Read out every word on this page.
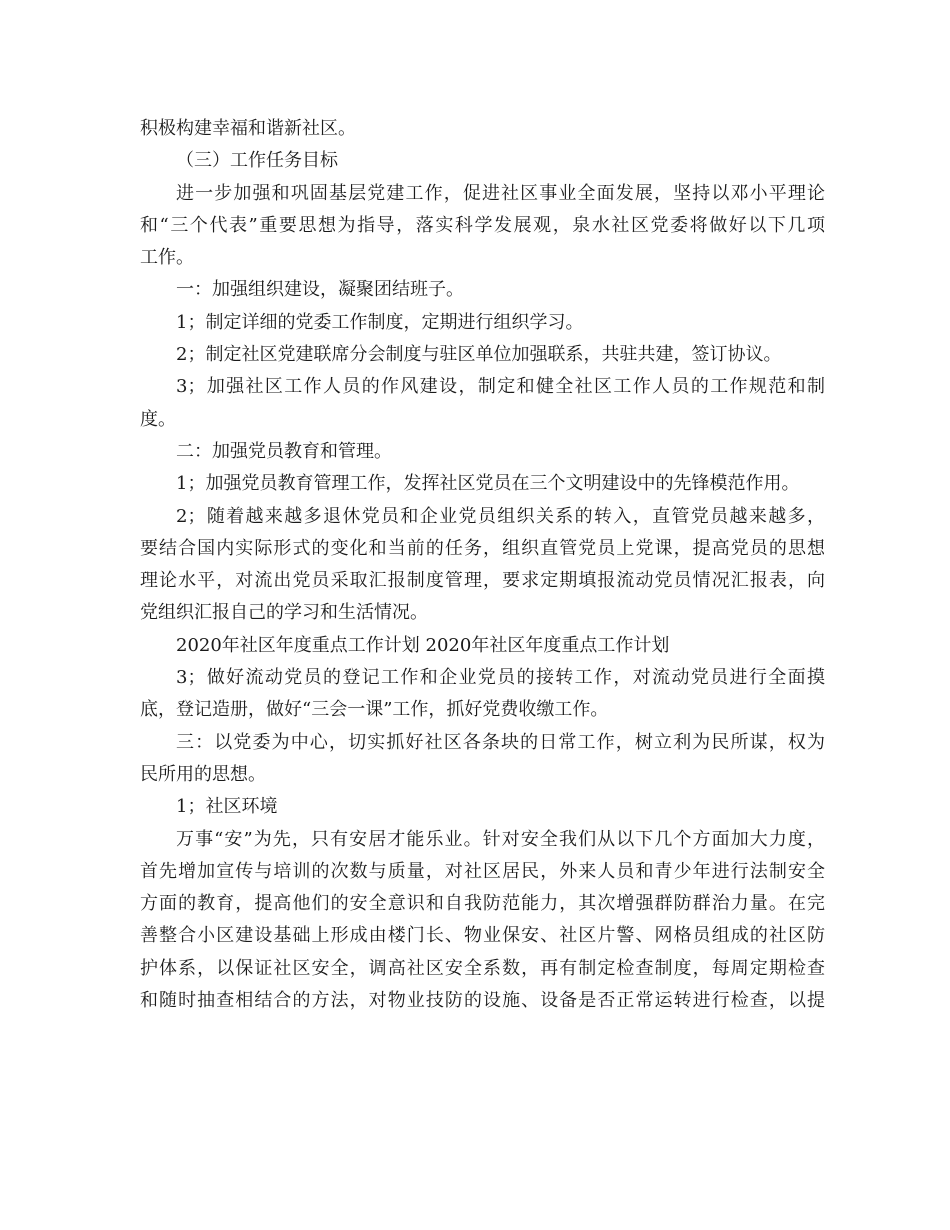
积极构建幸福和谐新社区。
（三）工作任务目标
进一步加强和巩固基层党建工作，促进社区事业全面发展，坚持以邓小平理论
和“三个代表”重要思想为指导，落实科学发展观，泉水社区党委将做好以下几项
工作。
一：加强组织建设，凝聚团结班子。
1；制定详细的党委工作制度，定期进行组织学习。
2；制定社区党建联席分会制度与驻区单位加强联系，共驻共建，签订协议。
3；加强社区工作人员的作风建设，制定和健全社区工作人员的工作规范和制
度。
二：加强党员教育和管理。
1；加强党员教育管理工作，发挥社区党员在三个文明建设中的先锋模范作用。
2；随着越来越多退休党员和企业党员组织关系的转入，直管党员越来越多，
要结合国内实际形式的变化和当前的任务，组织直管党员上党课，提高党员的思想
理论水平，对流出党员采取汇报制度管理，要求定期填报流动党员情况汇报表，向
党组织汇报自己的学习和生活情况。
2020年社区年度重点工作计划 2020年社区年度重点工作计划
3；做好流动党员的登记工作和企业党员的接转工作，对流动党员进行全面摸
底，登记造册，做好“三会一课”工作，抓好党费收缴工作。
三：以党委为中心，切实抓好社区各条块的日常工作，树立利为民所谋，权为
民所用的思想。
1；社区环境
万事“安”为先，只有安居才能乐业。针对安全我们从以下几个方面加大力度，
首先增加宣传与培训的次数与质量，对社区居民，外来人员和青少年进行法制安全
方面的教育，提高他们的安全意识和自我防范能力，其次增强群防群治力量。在完
善整合小区建设基础上形成由楼门长、物业保安、社区片警、网格员组成的社区防
护体系，以保证社区安全，调高社区安全系数，再有制定检查制度，每周定期检查
和随时抽查相结合的方法，对物业技防的设施、设备是否正常运转进行检查，以提
